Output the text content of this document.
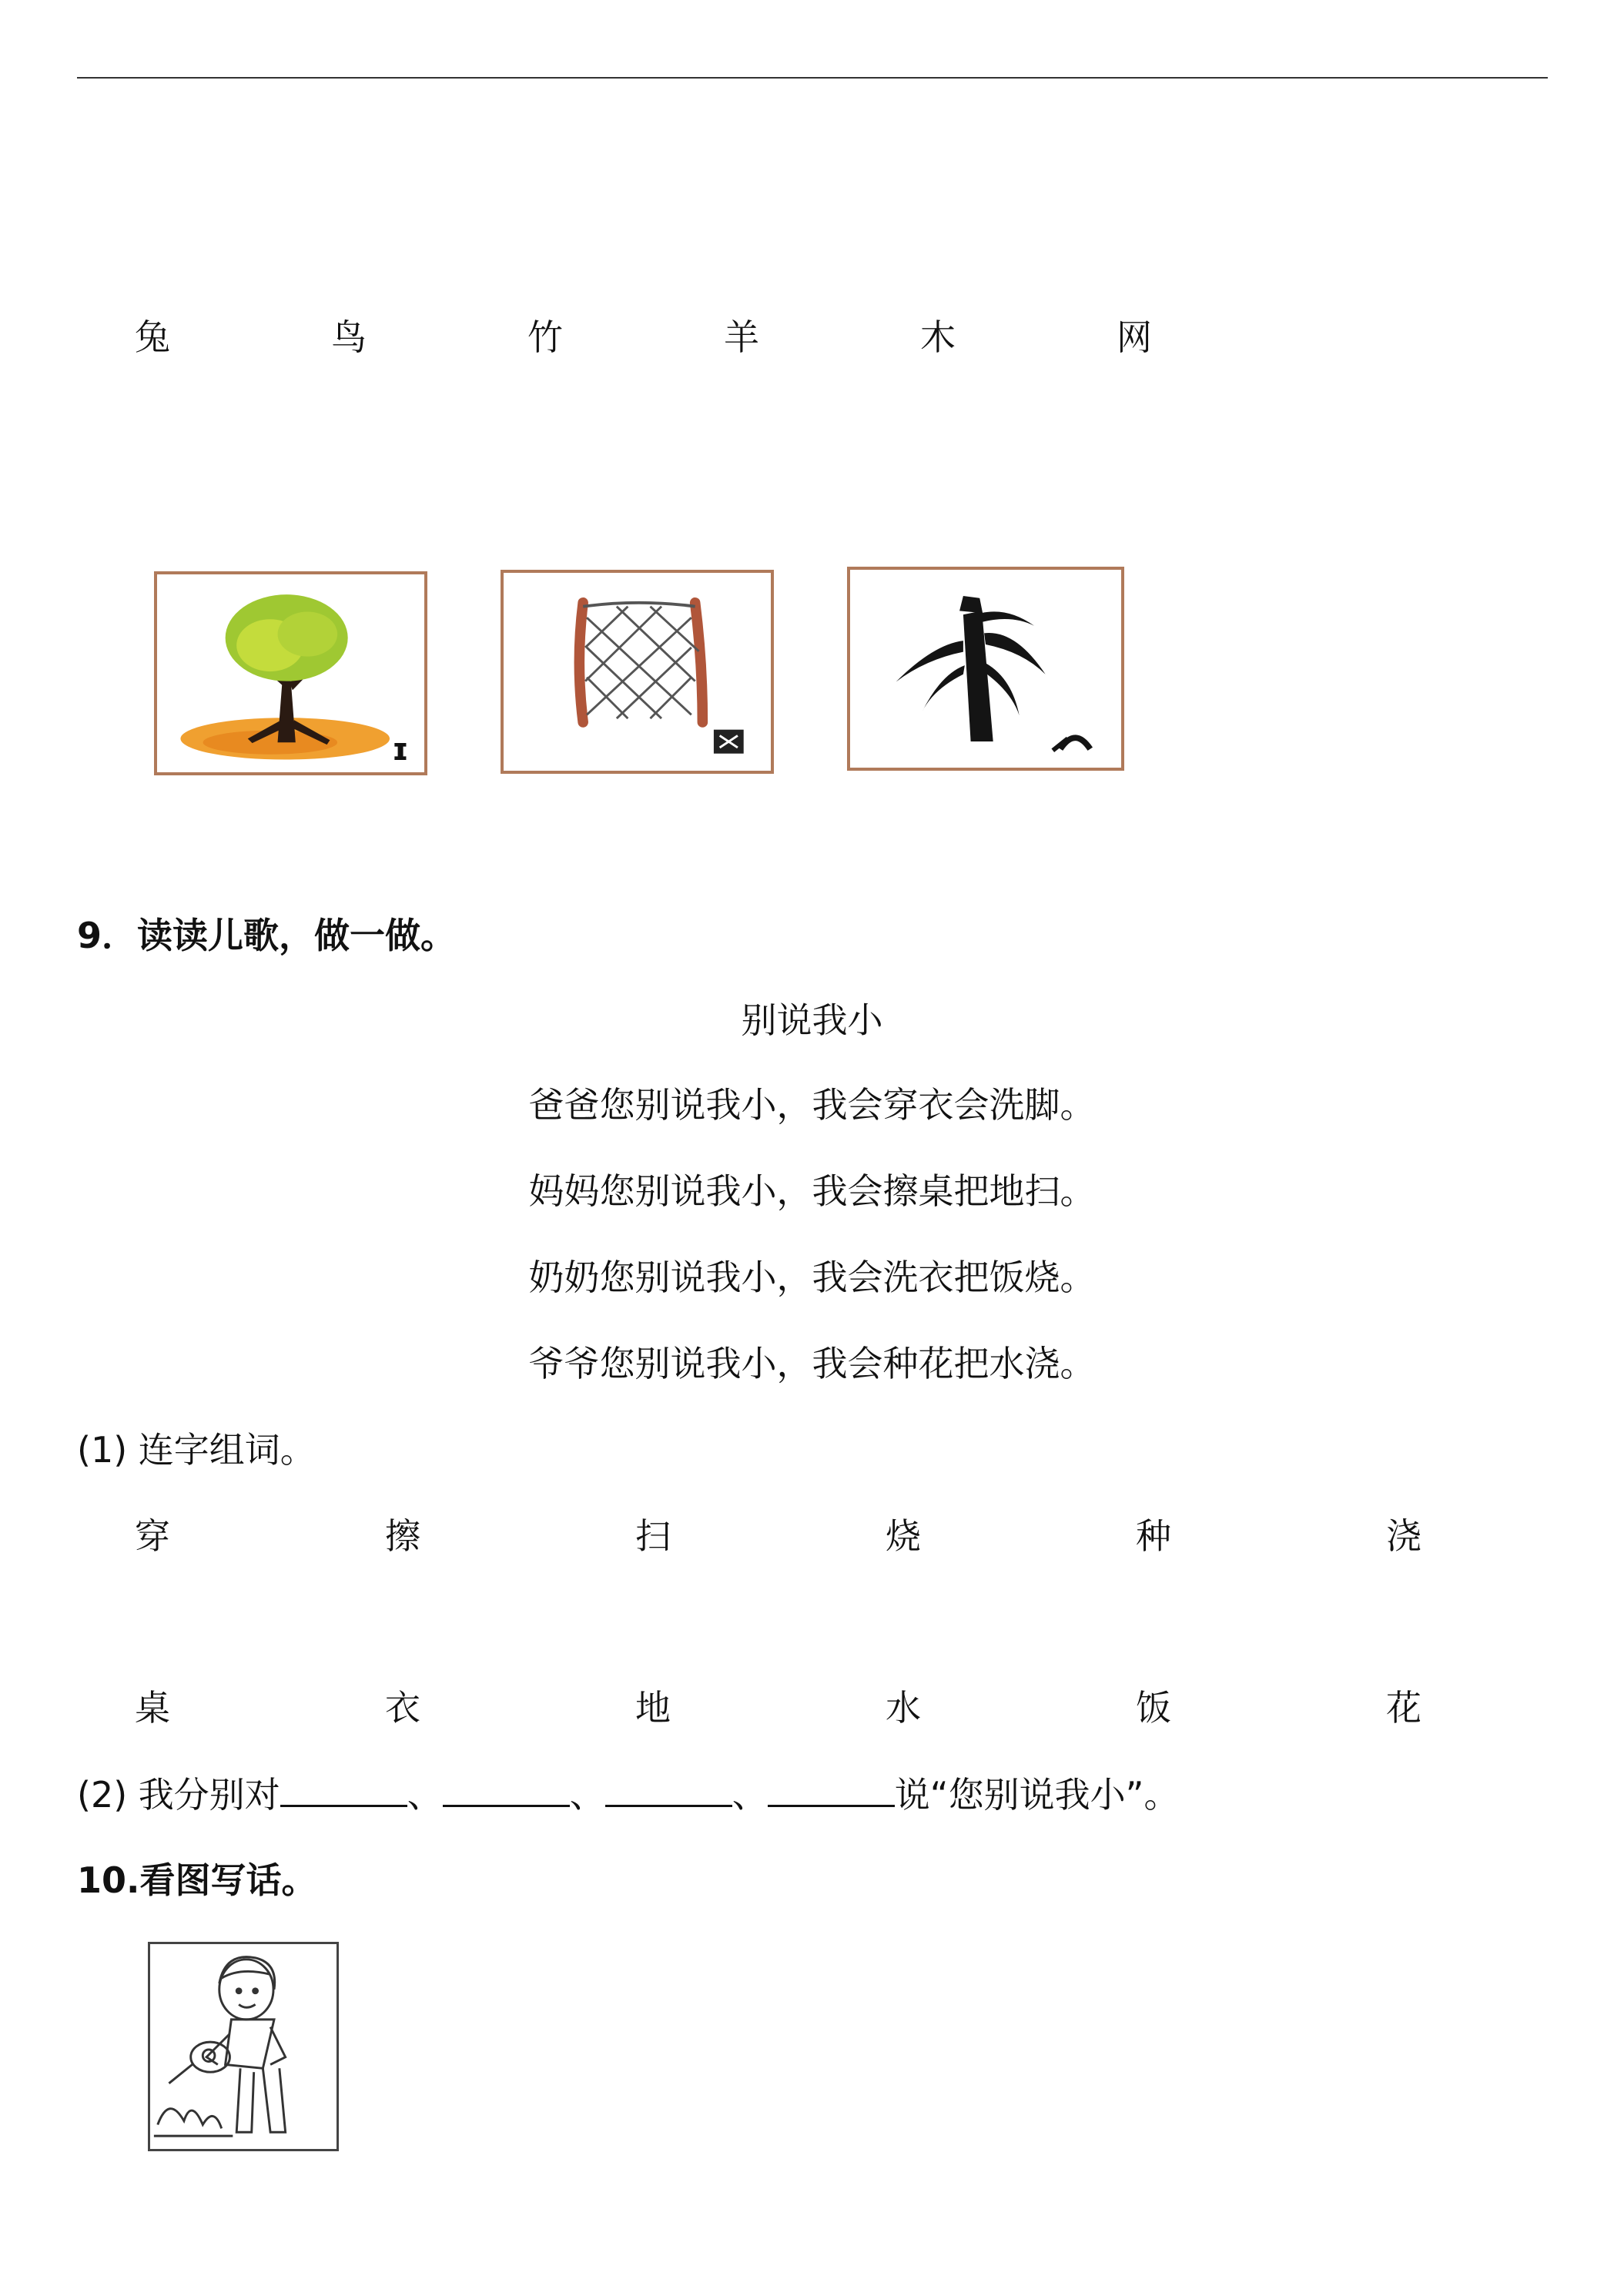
兔	鸟	竹	羊	木	网
ɪ
9．读读儿歌，做一做。
别说我小
爸爸您别说我小，我会穿衣会洗脚。
妈妈您别说我小，我会擦桌把地扫。
奶奶您别说我小，我会洗衣把饭烧。
爷爷您别说我小，我会种花把水浇。
(1) 连字组词。
穿	擦	扫	烧	种	浇
桌	衣	地	水	饭	花
(2) 我分别对	、	、	、	说“您别说我小”。
10.看图写话。
